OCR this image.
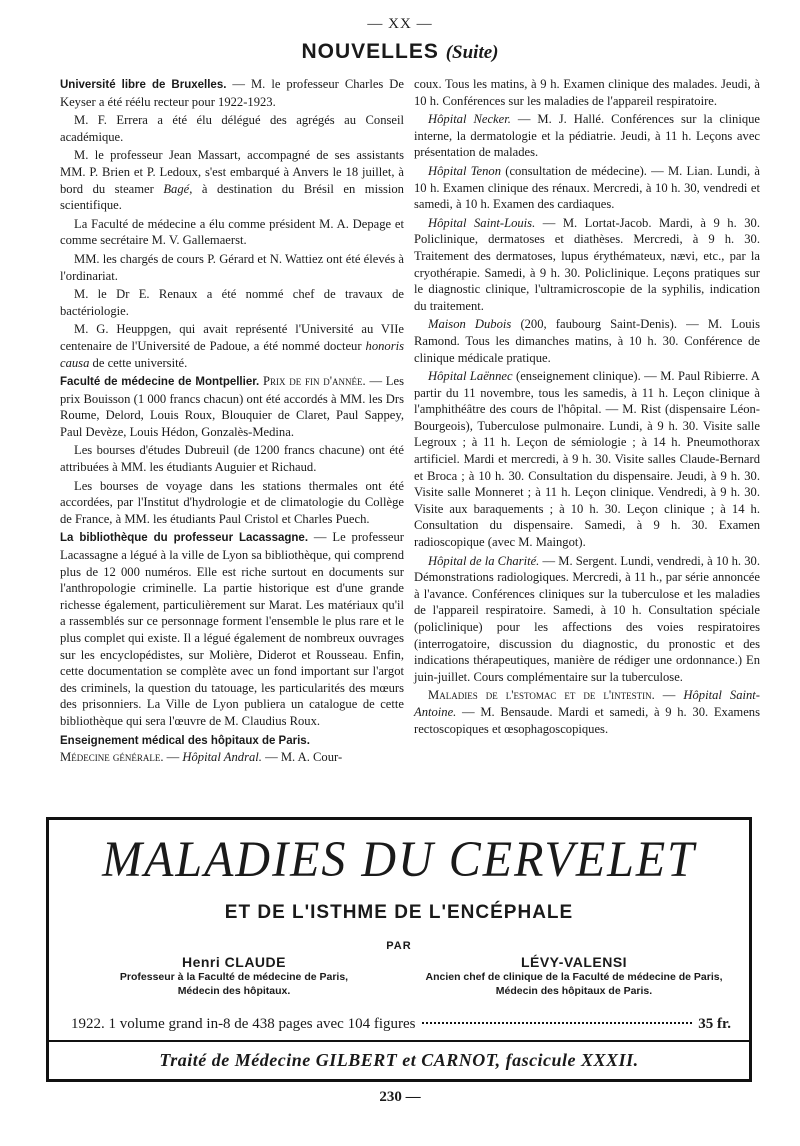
— XX —
NOUVELLES (Suite)

Université libre de Bruxelles. — M. le professeur Charles De Keyser a été réélu recteur pour 1922-1923.

M. F. Errera a été élu délégué des agrégés au Conseil académique.

M. le professeur Jean Massart, accompagné de ses assistants MM. P. Brien et P. Ledoux, s'est embarqué à Anvers le 18 juillet, à bord du steamer Bagé, à destination du Brésil en mission scientifique.

La Faculté de médecine a élu comme président M. A. Depage et comme secrétaire M. V. Gallemaerst.

MM. les chargés de cours P. Gérard et N. Wattiez ont été élevés à l'ordinariat.

M. le Dr E. Renaux a été nommé chef de travaux de bactériologie.

M. G. Heuppgen, qui avait représenté l'Université au VIIe centenaire de l'Université de Padoue, a été nommé docteur honoris causa de cette université.

Faculté de médecine de Montpellier. Prix de fin d'année. — Les prix Bouisson (1 000 francs chacun) ont été accordés à MM. les Drs Roume, Delord, Louis Roux, Blouquier de Claret, Paul Sappey, Paul Devèze, Louis Hédon, Gonzalès-Medina.

Les bourses d'études Dubreuil (de 1200 francs chacune) ont été attribuées à MM. les étudiants Auguier et Richaud.

Les bourses de voyage dans les stations thermales ont été accordées, par l'Institut d'hydrologie et de climatologie du Collège de France, à MM. les étudiants Paul Cristol et Charles Puech.

La bibliothèque du professeur Lacassagne. — Le professeur Lacassagne a légué à la ville de Lyon sa bibliothèque, qui comprend plus de 12 000 numéros. Elle est riche surtout en documents sur l'anthropologie criminelle. La partie historique est d'une grande richesse également, particulièrement sur Marat. Les matériaux qu'il a rassemblés sur ce personnage forment l'ensemble le plus rare et le plus complet qui existe. Il a légué également de nombreux ouvrages sur les encyclopédistes, sur Molière, Diderot et Rousseau. Enfin, cette documentation se complète avec un fond important sur l'argot des criminels, la question du tatouage, les particularités des mœurs des prisonniers. La Ville de Lyon publiera un catalogue de cette bibliothèque qui sera l'œuvre de M. Claudius Roux.

Enseignement médical des hôpitaux de Paris.
Médecine générale. — Hôpital Andral. — M. A. Cour-

coux. Tous les matins, à 9 h. Examen clinique des malades. Jeudi, à 10 h. Conférences sur les maladies de l'appareil respiratoire.

Hôpital Necker. — M. J. Hallé. Conférences sur la clinique interne, la dermatologie et la pédiatrie. Jeudi, à 11 h. Leçons avec présentation de malades.

Hôpital Tenon (consultation de médecine). — M. Lian. Lundi, à 10 h. Examen clinique des rénaux. Mercredi, à 10 h. 30, vendredi et samedi, à 10 h. Examen des cardiaques.

Hôpital Saint-Louis. — M. Lortat-Jacob. Mardi, à 9 h. 30. Policlinique, dermatoses et diathèses. Mercredi, à 9 h. 30. Traitement des dermatoses, lupus érythémateux, nævi, etc., par la cryothérapie. Samedi, à 9 h. 30. Policlinique. Leçons pratiques sur le diagnostic clinique, l'ultramicroscopie de la syphilis, indication du traitement.

Maison Dubois (200, faubourg Saint-Denis). — M. Louis Ramond. Tous les dimanches matins, à 10 h. 30. Conférence de clinique médicale pratique.

Hôpital Laënnec (enseignement clinique). — M. Paul Ribierre. A partir du 11 novembre, tous les samedis, à 11 h. Leçon clinique à l'amphithéâtre des cours de l'hôpital. — M. Rist (dispensaire Léon-Bourgeois), Tuberculose pulmonaire. Lundi, à 9 h. 30. Visite salle Legroux ; à 11 h. Leçon de sémiologie ; à 14 h. Pneumothorax artificiel. Mardi et mercredi, à 9 h. 30. Visite salles Claude-Bernard et Broca ; à 10 h. 30. Consultation du dispensaire. Jeudi, à 9 h. 30. Visite salle Monneret ; à 11 h. Leçon clinique. Vendredi, à 9 h. 30. Visite aux baraquements ; à 10 h. 30. Leçon clinique ; à 14 h. Consultation du dispensaire. Samedi, à 9 h. 30. Examen radioscopique (avec M. Maingot).

Hôpital de la Charité. — M. Sergent. Lundi, vendredi, à 10 h. 30. Démonstrations radiologiques. Mercredi, à 11 h., par série annoncée à l'avance. Conférences cliniques sur la tuberculose et les maladies de l'appareil respiratoire. Samedi, à 10 h. Consultation spéciale (policlinique) pour les affections des voies respiratoires (interrogatoire, discussion du diagnostic, du pronostic et des indications thérapeutiques, manière de rédiger une ordonnance.) En juin-juillet. Cours complémentaire sur la tuberculose.

Maladies de l'estomac et de l'intestin. — Hôpital Saint-Antoine. — M. Bensaude. Mardi et samedi, à 9 h. 30. Examens rectoscopiques et œsophagoscopiques.

MALADIES DU CERVELET
ET DE L'ISTHME DE L'ENCÉPHALE
PAR
Henri CLAUDE
Professeur à la Faculté de médecine de Paris,
Médecin des hôpitaux.
LÉVY-VALENSI
Ancien chef de clinique de la Faculté de médecine de Paris,
Médecin des hôpitaux de Paris.
1922. 1 volume grand in-8 de 438 pages avec 104 figures	35 fr.
Traité de Médecine GILBERT et CARNOT, fascicule XXXII.
230 —
